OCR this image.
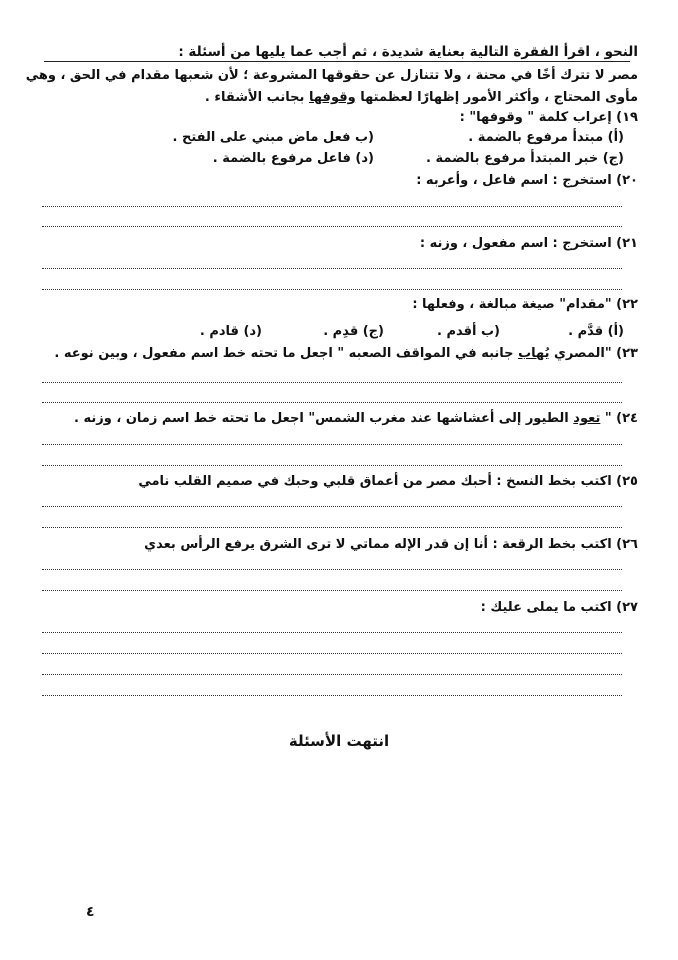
النحو ، اقرأ الفقرة التالية بعناية شديدة ، ثم أجب عما يليها من أسئلة :
مصر لا تترك أخًا في محنة ، ولا تتنازل عن حقوقها المشروعة ؛ لأن شعبها مقدام في الحق ، وهي
مأوى المحتاج ، وأكثر الأمور إظهارًا لعظمتها وقوفها بجانب الأشقاء .
١٩) إعراب كلمة " وقوفها" :
(أ) مبتدأ مرفوع بالضمة .
(ب فعل ماض مبني على الفتح .
(ج) خبر المبتدأ مرفوع بالضمة .
(د) فاعل مرفوع بالضمة .
٢٠) استخرج : اسم فاعل ، وأعربه :
٢١) استخرج : اسم مفعول ، وزنه :
٢٢) "مقدام" صيغة مبالغة ، وفعلها :
(أ) قدَّم .
(ب أقدم .
(ج) قدِم .
(د) قادم .
٢٣) "المصري يُهاب جانبه في المواقف الصعبه " اجعل ما تحته خط اسم مفعول ، وبين نوعه .
٢٤) " تعود الطيور إلى أعشاشها عند مغرب الشمس" اجعل ما تحته خط اسم زمان ، وزنه .
٢٥) اكتب بخط النسخ : أحبك مصر من أعماق قلبي وحبك في صميم القلب نامي
٢٦) اكتب بخط الرقعة : أنا إن قدر الإله مماتي لا ترى الشرق يرفع الرأس بعدي
٢٧) اكتب ما يملى عليك :
انتهت الأسئلة
٤
